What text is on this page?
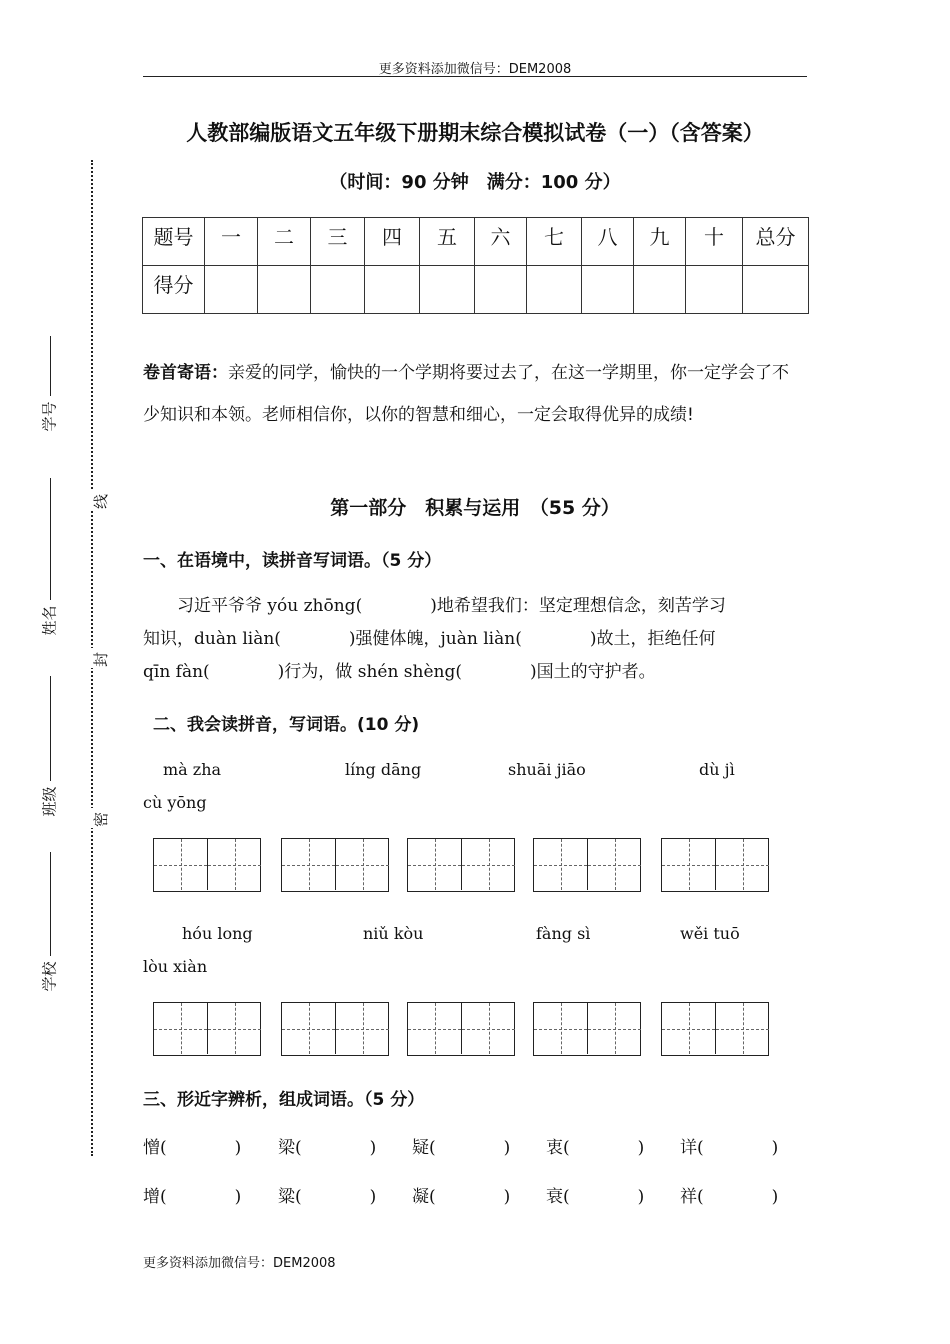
更多资料添加微信号：DEM2008
人教部编版语文五年级下册期末综合模拟试卷（一）（含答案）
（时间：90 分钟　满分：100 分）
题号	一	二	三	四	五	六	七	八	九	十	总分
得分											
卷首寄语：亲爱的同学，愉快的一个学期将要过去了，在这一学期里，你一定学会了不少知识和本领。老师相信你，以你的智慧和细心，一定会取得优异的成绩!
第一部分　积累与运用　（55 分）
一、在语境中，读拼音写词语。（5 分）
　　习近平爷爷 yóu zhōng(　　　　)地希望我们：坚定理想信念，刻苦学习
知识，duàn liàn(　　　　)强健体魄，juàn liàn(　　　　)故土，拒绝任何
qīn fàn(　　　　)行为，做 shén shèng(　　　　)国土的守护者。
二、我会读拼音，写词语。(10 分)
mà zha	líng dāng	shuāi jiāo	dù jì
cù yōng
hóu long	niǔ kòu	fàng sì	wěi tuō
lòu xiàn
三、形近字辨析，组成词语。（5 分）
憎(　　　　) 梁(　　　　) 疑(　　　　) 衷(　　　　) 详(　　　　)
增(　　　　) 粱(　　　　) 凝(　　　　) 衰(　　　　) 祥(　　　　)
学号
姓名
班级
学校
线
封
密
更多资料添加微信号：DEM2008
